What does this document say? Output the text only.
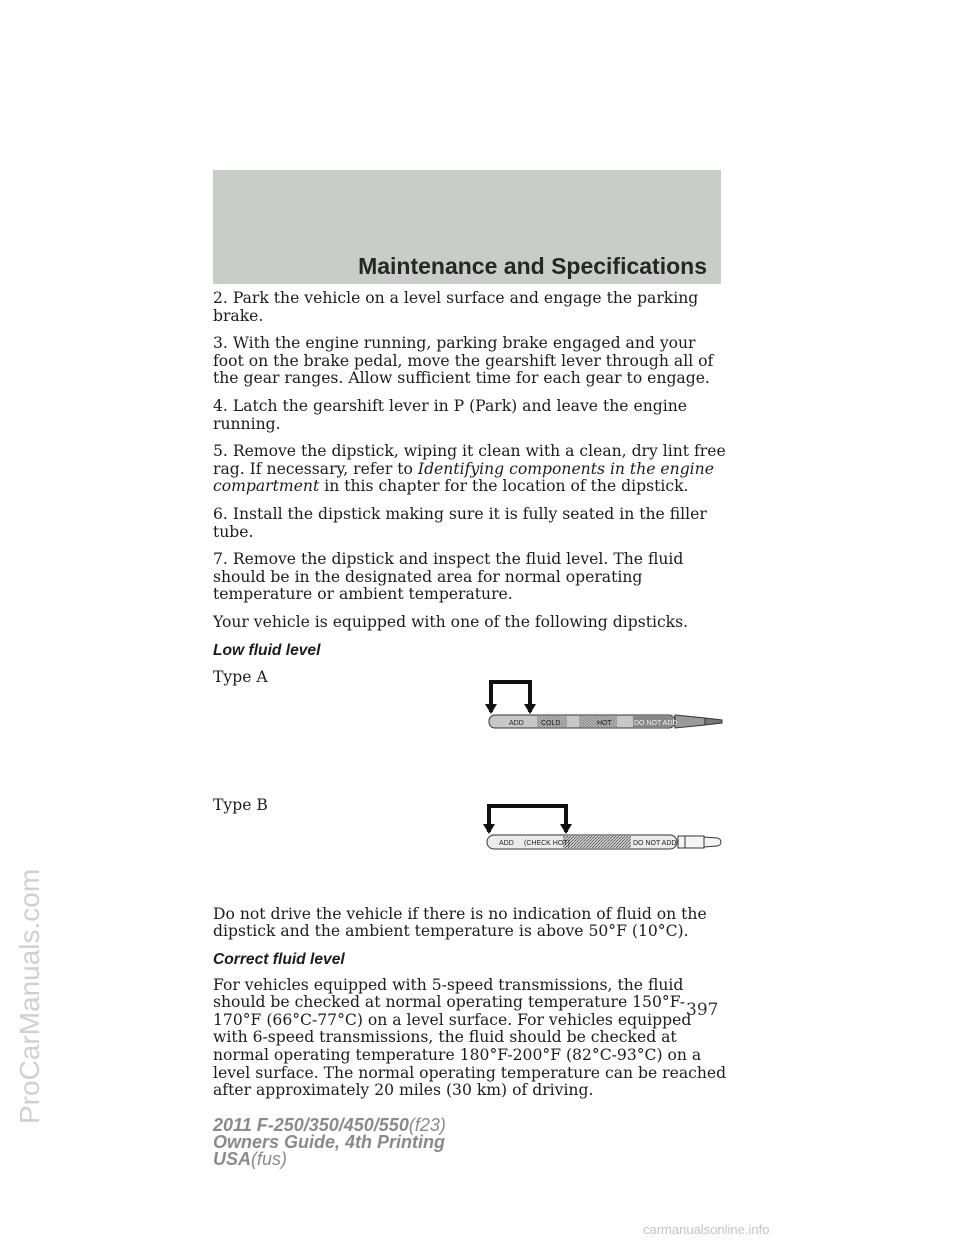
Maintenance and Specifications

2. Park the vehicle on a level surface and engage the parking brake.

3. With the engine running, parking brake engaged and your foot on the brake pedal, move the gearshift lever through all of the gear ranges. Allow sufficient time for each gear to engage.

4. Latch the gearshift lever in P (Park) and leave the engine running.

5. Remove the dipstick, wiping it clean with a clean, dry lint free rag. If necessary, refer to Identifying components in the engine compartment in this chapter for the location of the dipstick.

6. Install the dipstick making sure it is fully seated in the filler tube.

7. Remove the dipstick and inspect the fluid level. The fluid should be in the designated area for normal operating temperature or ambient temperature.

Your vehicle is equipped with one of the following dipsticks.

Low fluid level
Type A
ADD COLD	HOT	DO NOT ADD
Type B
ADD (CHECK HOT)	DO NOT ADD

Do not drive the vehicle if there is no indication of fluid on the dipstick and the ambient temperature is above 50°F (10°C).

Correct fluid level

For vehicles equipped with 5-speed transmissions, the fluid should be checked at normal operating temperature 150°F-170°F (66°C-77°C) on a level surface. For vehicles equipped with 6-speed transmissions, the fluid should be checked at normal operating temperature 180°F-200°F (82°C-93°C) on a level surface. The normal operating temperature can be reached after approximately 20 miles (30 km) of driving.

397
2011 F-250/350/450/550(f23)
Owners Guide, 4th Printing
USA(fus)
ProCarManuals.com
carmanualsonline.info
